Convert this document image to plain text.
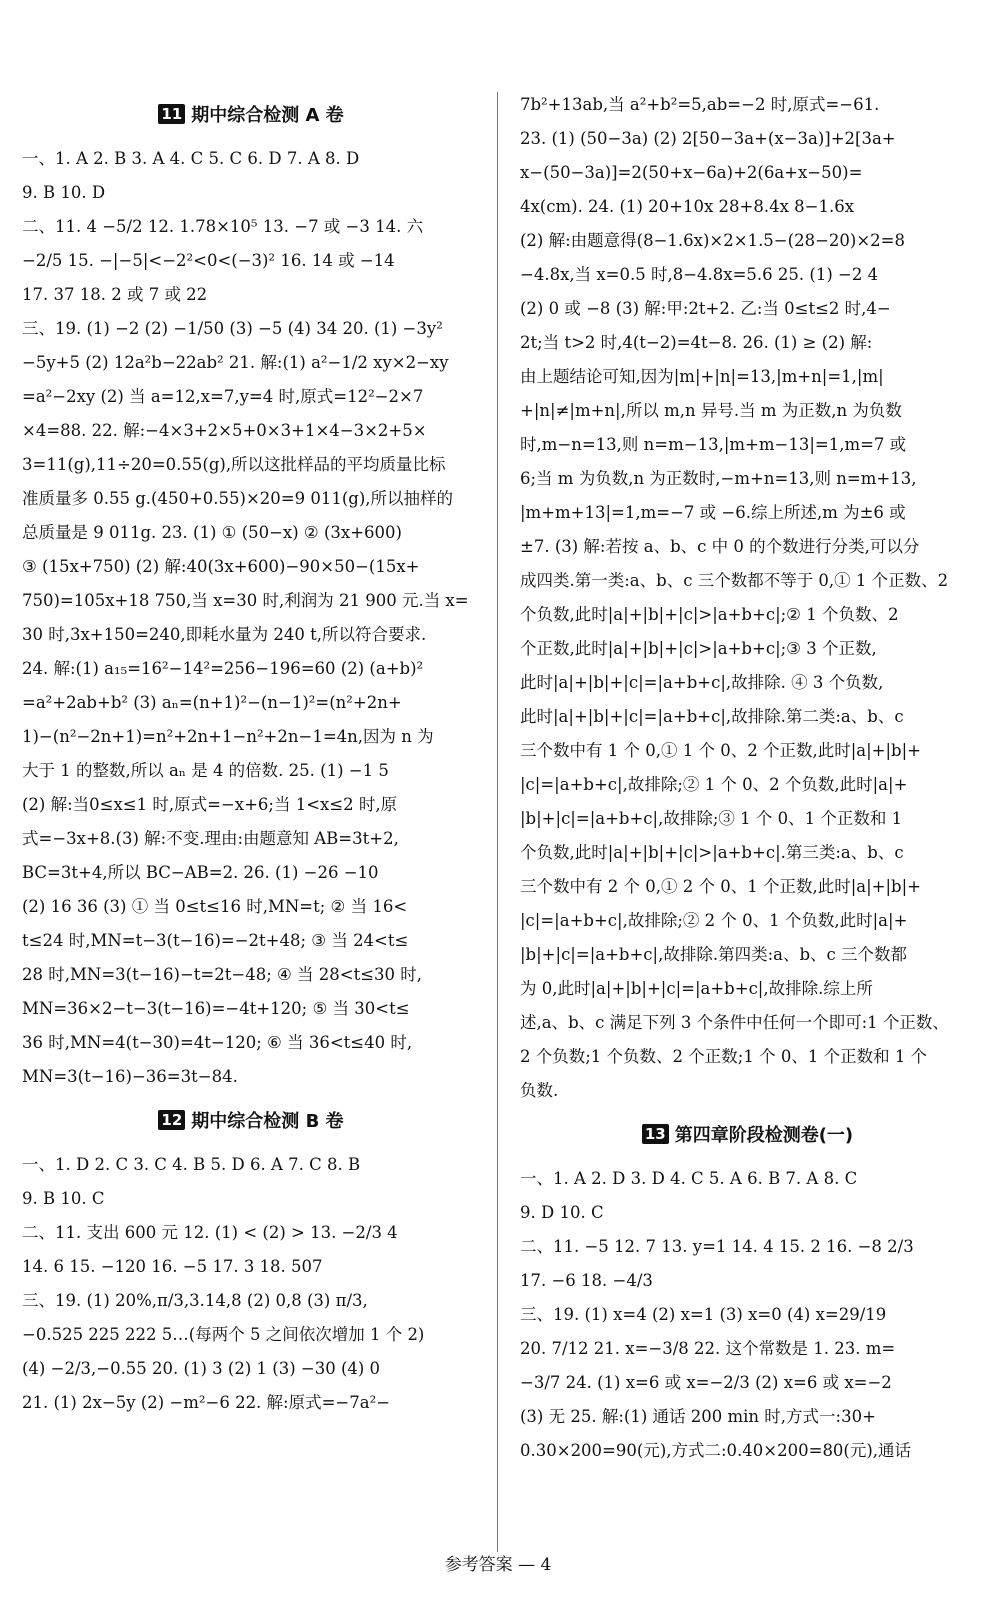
11 期中综合检测 A 卷
一、1. A 2. B 3. A 4. C 5. C 6. D 7. A 8. D
9. B 10. D
二、11. 4 −5/2 12. 1.78×10⁵ 13. −7 或 −3 14. 六
−2/5 15. −|−5|<−2²<0<(−3)² 16. 14 或 −14
17. 37 18. 2 或 7 或 22
三、19. (1) −2 (2) −1/50 (3) −5 (4) 34 20. (1) −3y²
−5y+5 (2) 12a²b−22ab² 21. 解:(1) a²−1/2 xy×2−xy
=a²−2xy (2) 当 a=12,x=7,y=4 时,原式=12²−2×7
×4=88. 22. 解:−4×3+2×5+0×3+1×4−3×2+5×
3=11(g),11÷20=0.55(g),所以这批样品的平均质量比标
准质量多 0.55 g.(450+0.55)×20=9 011(g),所以抽样的
总质量是 9 011g. 23. (1) ① (50−x) ② (3x+600)
③ (15x+750) (2) 解:40(3x+600)−90×50−(15x+
750)=105x+18 750,当 x=30 时,利润为 21 900 元.当 x=
30 时,3x+150=240,即耗水量为 240 t,所以符合要求.
24. 解:(1) a₁₅=16²−14²=256−196=60 (2) (a+b)²
=a²+2ab+b² (3) aₙ=(n+1)²−(n−1)²=(n²+2n+
1)−(n²−2n+1)=n²+2n+1−n²+2n−1=4n,因为 n 为
大于 1 的整数,所以 aₙ 是 4 的倍数. 25. (1) −1 5
(2) 解:当0≤x≤1 时,原式=−x+6;当 1<x≤2 时,原
式=−3x+8.(3) 解:不变.理由:由题意知 AB=3t+2,
BC=3t+4,所以 BC−AB=2. 26. (1) −26 −10
(2) 16 36 (3) ① 当 0≤t≤16 时,MN=t; ② 当 16<
t≤24 时,MN=t−3(t−16)=−2t+48; ③ 当 24<t≤
28 时,MN=3(t−16)−t=2t−48; ④ 当 28<t≤30 时,
MN=36×2−t−3(t−16)=−4t+120; ⑤ 当 30<t≤
36 时,MN=4(t−30)=4t−120; ⑥ 当 36<t≤40 时,
MN=3(t−16)−36=3t−84.
12 期中综合检测 B 卷
一、1. D 2. C 3. C 4. B 5. D 6. A 7. C 8. B
9. B 10. C
二、11. 支出 600 元 12. (1) < (2) > 13. −2/3 4
14. 6 15. −120 16. −5 17. 3 18. 507
三、19. (1) 20%,π/3,3.14,8 (2) 0,8 (3) π/3,
−0.525 225 222 5…(每两个 5 之间依次增加 1 个 2)
(4) −2/3,−0.55 20. (1) 3 (2) 1 (3) −30 (4) 0
21. (1) 2x−5y (2) −m²−6 22. 解:原式=−7a²−
7b²+13ab,当 a²+b²=5,ab=−2 时,原式=−61.
23. (1) (50−3a) (2) 2[50−3a+(x−3a)]+2[3a+
x−(50−3a)]=2(50+x−6a)+2(6a+x−50)=
4x(cm). 24. (1) 20+10x 28+8.4x 8−1.6x
(2) 解:由题意得(8−1.6x)×2×1.5−(28−20)×2=8
−4.8x,当 x=0.5 时,8−4.8x=5.6 25. (1) −2 4
(2) 0 或 −8 (3) 解:甲:2t+2. 乙:当 0≤t≤2 时,4−
2t;当 t>2 时,4(t−2)=4t−8. 26. (1) ≥ (2) 解:
由上题结论可知,因为|m|+|n|=13,|m+n|=1,|m|
+|n|≠|m+n|,所以 m,n 异号.当 m 为正数,n 为负数
时,m−n=13,则 n=m−13,|m+m−13|=1,m=7 或
6;当 m 为负数,n 为正数时,−m+n=13,则 n=m+13,
|m+m+13|=1,m=−7 或 −6.综上所述,m 为±6 或
±7. (3) 解:若按 a、b、c 中 0 的个数进行分类,可以分
成四类.第一类:a、b、c 三个数都不等于 0,① 1 个正数、2
个负数,此时|a|+|b|+|c|>|a+b+c|;② 1 个负数、2
个正数,此时|a|+|b|+|c|>|a+b+c|;③ 3 个正数,
此时|a|+|b|+|c|=|a+b+c|,故排除. ④ 3 个负数,
此时|a|+|b|+|c|=|a+b+c|,故排除.第二类:a、b、c
三个数中有 1 个 0,① 1 个 0、2 个正数,此时|a|+|b|+
|c|=|a+b+c|,故排除;② 1 个 0、2 个负数,此时|a|+
|b|+|c|=|a+b+c|,故排除;③ 1 个 0、1 个正数和 1
个负数,此时|a|+|b|+|c|>|a+b+c|.第三类:a、b、c
三个数中有 2 个 0,① 2 个 0、1 个正数,此时|a|+|b|+
|c|=|a+b+c|,故排除;② 2 个 0、1 个负数,此时|a|+
|b|+|c|=|a+b+c|,故排除.第四类:a、b、c 三个数都
为 0,此时|a|+|b|+|c|=|a+b+c|,故排除.综上所
述,a、b、c 满足下列 3 个条件中任何一个即可:1 个正数、
2 个负数;1 个负数、2 个正数;1 个 0、1 个正数和 1 个
负数.
13 第四章阶段检测卷(一)
一、1. A 2. D 3. D 4. C 5. A 6. B 7. A 8. C
9. D 10. C
二、11. −5 12. 7 13. y=1 14. 4 15. 2 16. −8 2/3
17. −6 18. −4/3
三、19. (1) x=4 (2) x=1 (3) x=0 (4) x=29/19
20. 7/12 21. x=−3/8 22. 这个常数是 1. 23. m=
−3/7 24. (1) x=6 或 x=−2/3 (2) x=6 或 x=−2
(3) 无 25. 解:(1) 通话 200 min 时,方式一:30+
0.30×200=90(元),方式二:0.40×200=80(元),通话
参考答案 — 4
